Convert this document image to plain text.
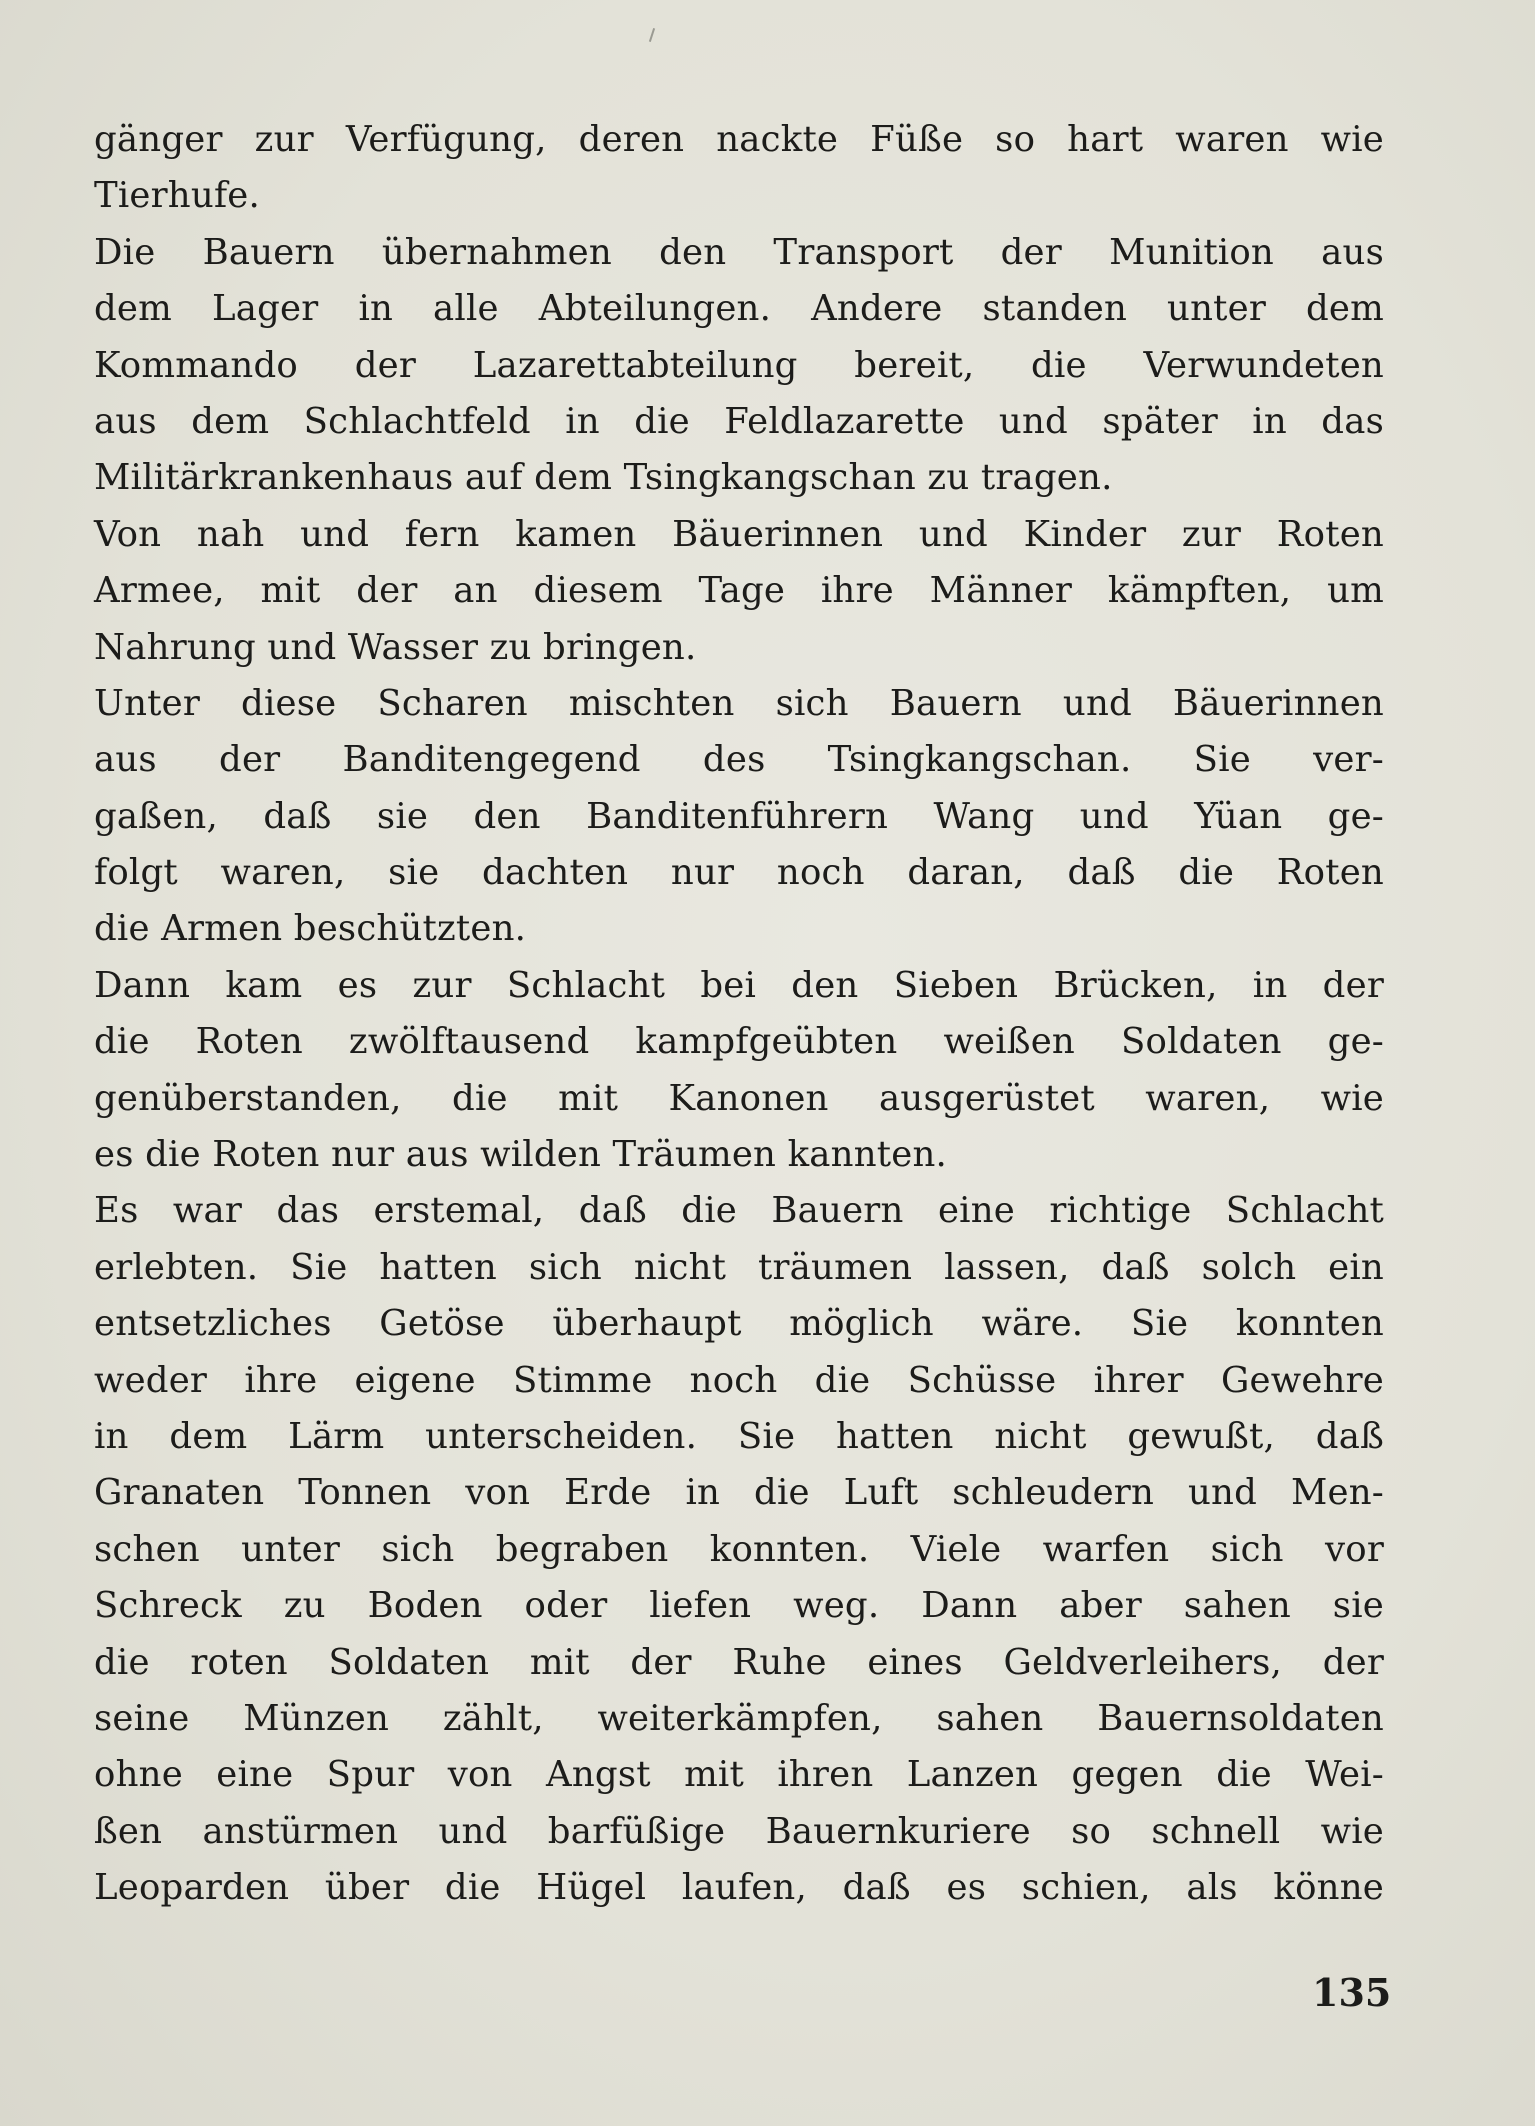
gänger zur Verfügung, deren nackte Füße so hart waren wie
Tierhufe.
Die Bauern übernahmen den Transport der Munition aus
dem Lager in alle Abteilungen. Andere standen unter dem
Kommando der Lazarettabteilung bereit, die Verwundeten
aus dem Schlachtfeld in die Feldlazarette und später in das
Militärkrankenhaus auf dem Tsingkangschan zu tragen.
Von nah und fern kamen Bäuerinnen und Kinder zur Roten
Armee, mit der an diesem Tage ihre Männer kämpften, um
Nahrung und Wasser zu bringen.
Unter diese Scharen mischten sich Bauern und Bäuerinnen
aus der Banditengegend des Tsingkangschan. Sie ver-
gaßen, daß sie den Banditenführern Wang und Yüan ge-
folgt waren, sie dachten nur noch daran, daß die Roten
die Armen beschützten.
Dann kam es zur Schlacht bei den Sieben Brücken, in der
die Roten zwölftausend kampfgeübten weißen Soldaten ge-
genüberstanden, die mit Kanonen ausgerüstet waren, wie
es die Roten nur aus wilden Träumen kannten.
Es war das erstemal, daß die Bauern eine richtige Schlacht
erlebten. Sie hatten sich nicht träumen lassen, daß solch ein
entsetzliches Getöse überhaupt möglich wäre. Sie konnten
weder ihre eigene Stimme noch die Schüsse ihrer Gewehre
in dem Lärm unterscheiden. Sie hatten nicht gewußt, daß
Granaten Tonnen von Erde in die Luft schleudern und Men-
schen unter sich begraben konnten. Viele warfen sich vor
Schreck zu Boden oder liefen weg. Dann aber sahen sie
die roten Soldaten mit der Ruhe eines Geldverleihers, der
seine Münzen zählt, weiterkämpfen, sahen Bauernsoldaten
ohne eine Spur von Angst mit ihren Lanzen gegen die Wei-
ßen anstürmen und barfüßige Bauernkuriere so schnell wie
Leoparden über die Hügel laufen, daß es schien, als könne
135
